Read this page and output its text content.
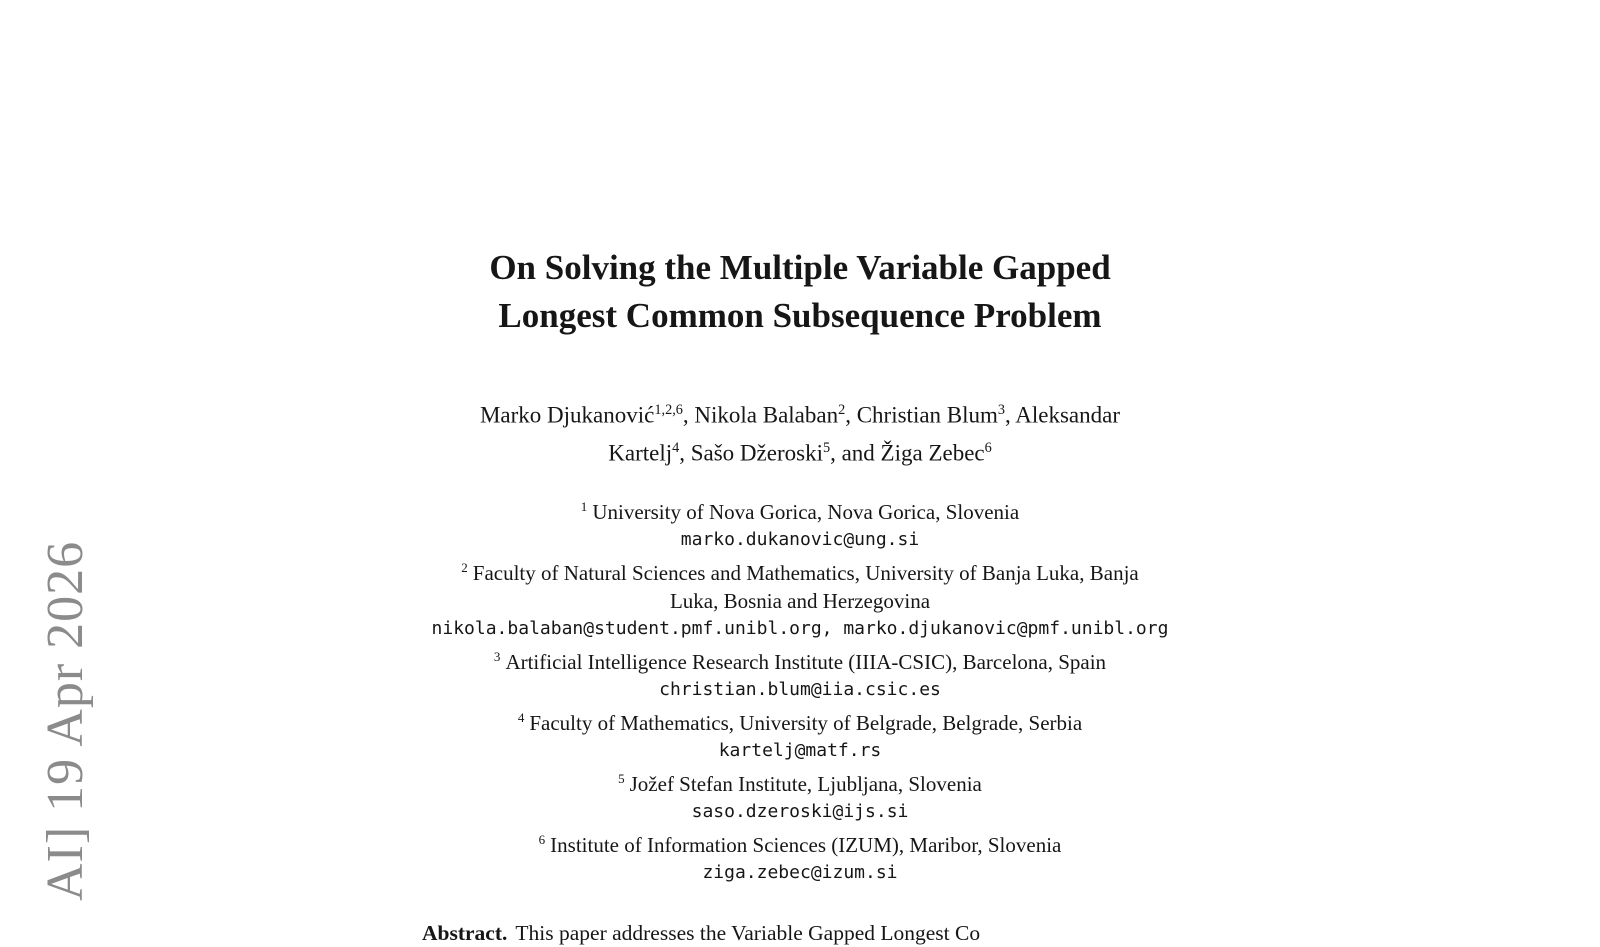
AI] 19 Apr 2026
On Solving the Multiple Variable Gapped
Longest Common Subsequence Problem
Marko Djukanović$^{1,2,6}$, Nikola Balaban$^2$, Christian Blum$^3$, Aleksandar
Kartelj$^4$, Sašo Džeroski$^5$, and Žiga Zebec$^6$
$^1$ University of Nova Gorica, Nova Gorica, Slovenia
marko.dukanovic@ung.si
$^2$ Faculty of Natural Sciences and Mathematics, University of Banja Luka, Banja
Luka, Bosnia and Herzegovina
nikola.balaban@student.pmf.unibl.org, marko.djukanovic@pmf.unibl.org
$^3$ Artificial Intelligence Research Institute (IIIA-CSIC), Barcelona, Spain
christian.blum@iia.csic.es
$^4$ Faculty of Mathematics, University of Belgrade, Belgrade, Serbia
kartelj@matf.rs
$^5$ Jožef Stefan Institute, Ljubljana, Slovenia
saso.dzeroski@ijs.si
$^6$ Institute of Information Sciences (IZUM), Maribor, Slovenia
ziga.zebec@izum.si
Abstract. This paper addresses the Variable Gapped Longest Co
